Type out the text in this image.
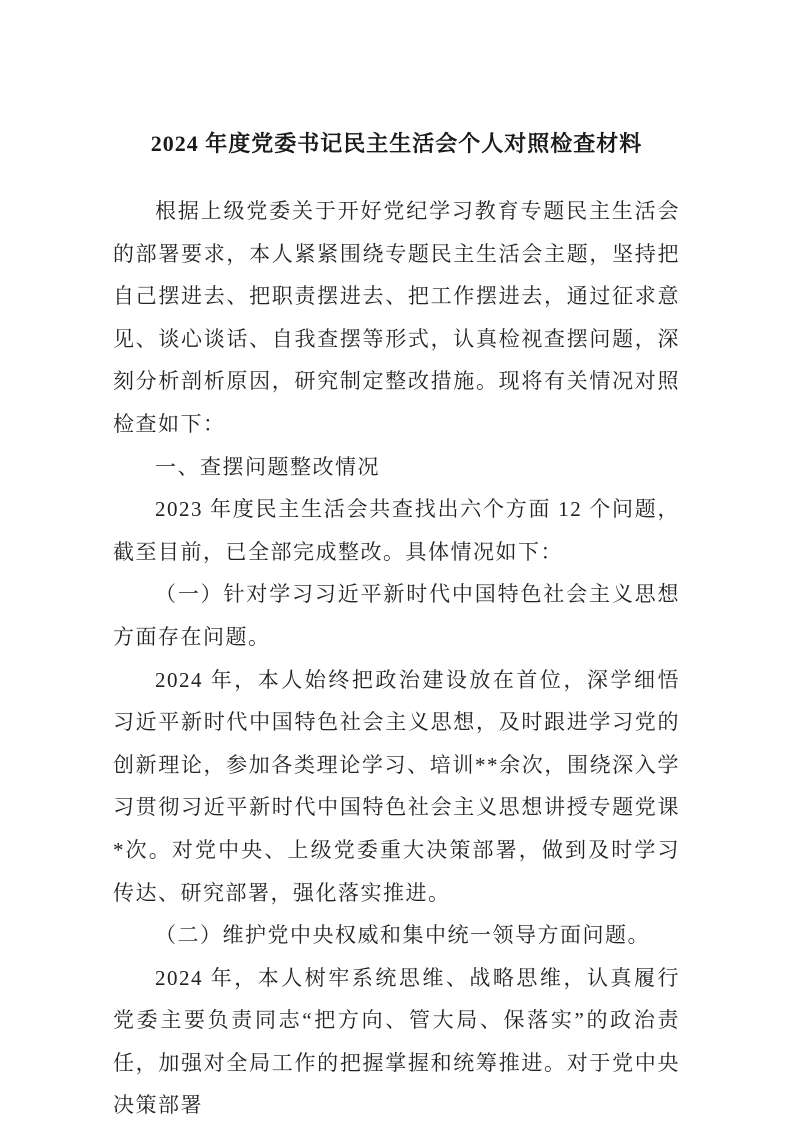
2024 年度党委书记民主生活会个人对照检查材料

根据上级党委关于开好党纪学习教育专题民主生活会的部署要求，本人紧紧围绕专题民主生活会主题，坚持把自己摆进去、把职责摆进去、把工作摆进去，通过征求意见、谈心谈话、自我查摆等形式，认真检视查摆问题，深刻分析剖析原因，研究制定整改措施。现将有关情况对照检查如下：

一、查摆问题整改情况

2023 年度民主生活会共查找出六个方面 12 个问题，截至目前，已全部完成整改。具体情况如下：

（一）针对学习习近平新时代中国特色社会主义思想方面存在问题。

2024 年，本人始终把政治建设放在首位，深学细悟习近平新时代中国特色社会主义思想，及时跟进学习党的创新理论，参加各类理论学习、培训**余次，围绕深入学习贯彻习近平新时代中国特色社会主义思想讲授专题党课*次。对党中央、上级党委重大决策部署，做到及时学习传达、研究部署，强化落实推进。

（二）维护党中央权威和集中统一领导方面问题。

2024 年，本人树牢系统思维、战略思维，认真履行党委主要负责同志“把方向、管大局、保落实”的政治责任，加强对全局工作的把握掌握和统筹推进。对于党中央决策部署
